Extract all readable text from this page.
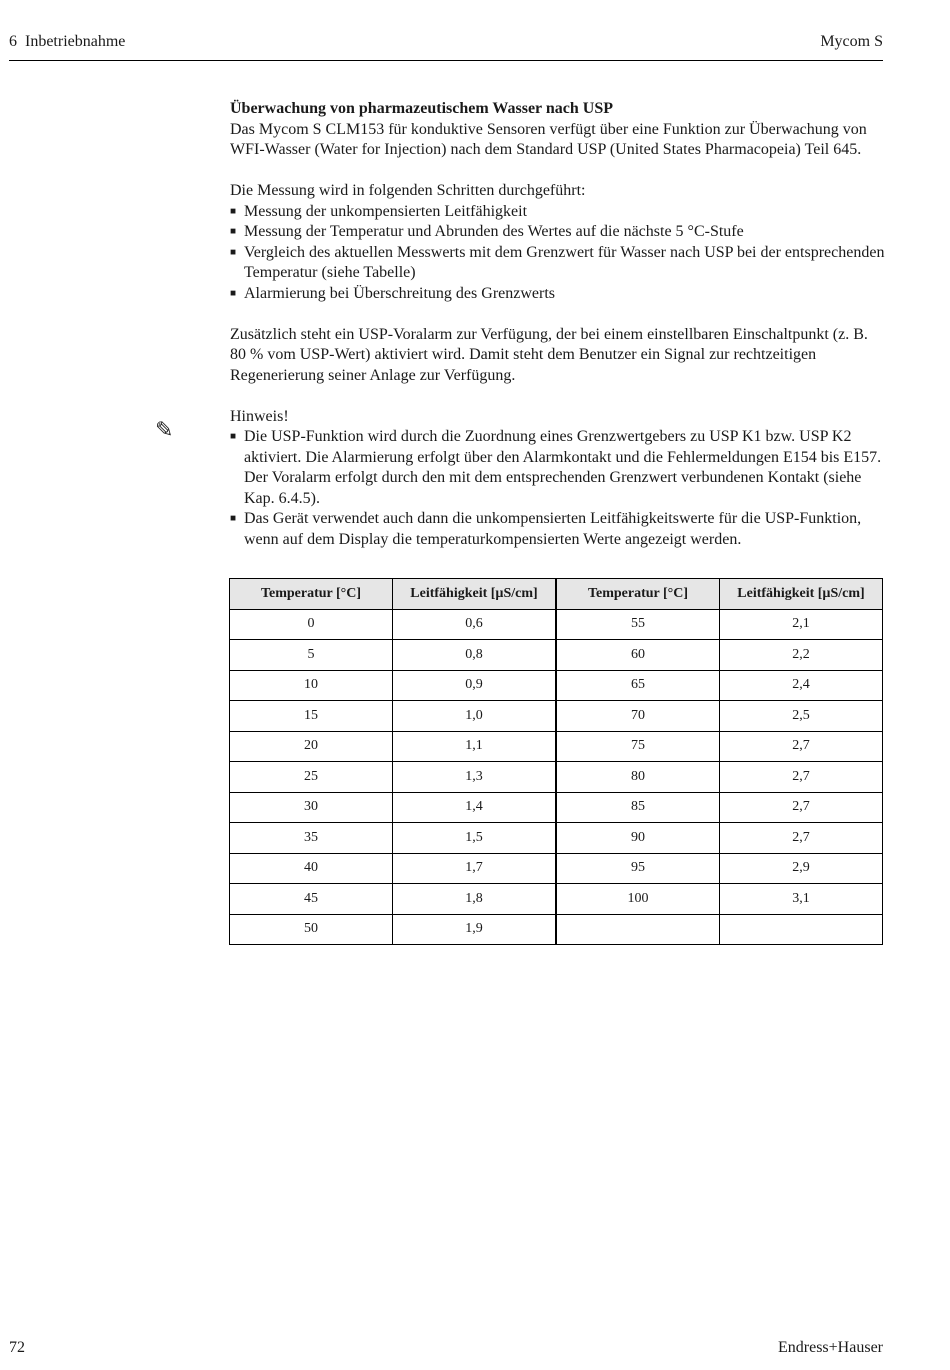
6  Inbetriebnahme	Mycom S
Überwachung von pharmazeutischem Wasser nach USP

Das Mycom S CLM153 für konduktive Sensoren verfügt über eine Funktion zur Überwachung von WFI-Wasser (Water for Injection) nach dem Standard USP (United States Pharmacopeia) Teil 645.

Die Messung wird in folgenden Schritten durchgeführt:

■ Messung der unkompensierten Leitfähigkeit
■ Messung der Temperatur und Abrunden des Wertes auf die nächste 5 °C-Stufe
■ Vergleich des aktuellen Messwerts mit dem Grenzwert für Wasser nach USP bei der entsprechenden Temperatur (siehe Tabelle)
■ Alarmierung bei Überschreitung des Grenzwerts

Zusätzlich steht ein USP-Voralarm zur Verfügung, der bei einem einstellbaren Einschaltpunkt (z. B. 80 % vom USP-Wert) aktiviert wird. Damit steht dem Benutzer ein Signal zur rechtzeitigen Regenerierung seiner Anlage zur Verfügung.

Hinweis!

■ Die USP-Funktion wird durch die Zuordnung eines Grenzwertgebers zu USP K1 bzw. USP K2 aktiviert. Die Alarmierung erfolgt über den Alarmkontakt und die Fehlermeldungen E154 bis E157. Der Voralarm erfolgt durch den mit dem entsprechenden Grenzwert verbundenen Kontakt (siehe Kap. 6.4.5).
■ Das Gerät verwendet auch dann die unkompensierten Leitfähigkeitswerte für die USP-Funktion, wenn auf dem Display die temperaturkompensierten Werte angezeigt werden.
✎
Temperatur [°C]	Leitfähigkeit [µS/cm]	Temperatur [°C]	Leitfähigkeit [µS/cm]
0	0,6	55	2,1
5	0,8	60	2,2
10	0,9	65	2,4
15	1,0	70	2,5
20	1,1	75	2,7
25	1,3	80	2,7
30	1,4	85	2,7
35	1,5	90	2,7
40	1,7	95	2,9
45	1,8	100	3,1
50	1,9		
72	Endress+Hauser
